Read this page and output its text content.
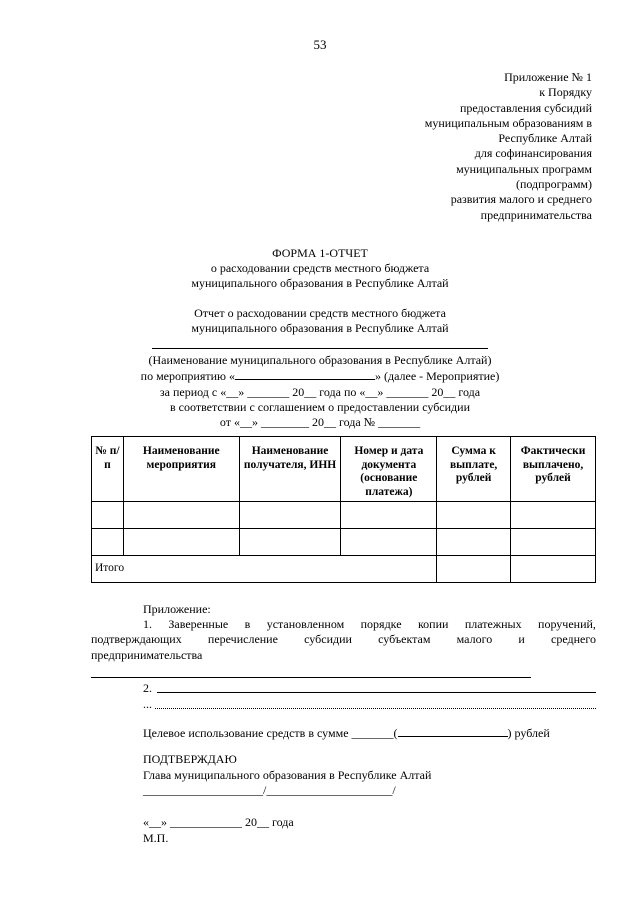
53
Приложение № 1
к Порядку
предоставления субсидий
муниципальным образованиям в
Республике Алтай
для софинансирования
муниципальных программ
(подпрограмм)
развития малого и среднего
предпринимательства
ФОРМА 1-ОТЧЕТ
о расходовании средств местного бюджета
муниципального образования в Республике Алтай
Отчет о расходовании средств местного бюджета
муниципального образования в Республике Алтай
(Наименование муниципального образования в Республике Алтай)
по мероприятию «	» (далее - Мероприятие)
за период с «__» _______ 20__ года по «__» _______ 20__ года
в соответствии с соглашением о предоставлении субсидии
от «__» ________ 20__ года № _______
№ п/п	Наименование мероприятия	Наименование получателя, ИНН	Номер и дата документа (основание платежа)	Сумма к выплате, рублей	Фактически выплачено, рублей

Итого					
Приложение:
1. Заверенные в установленном порядке копии платежных поручений,
подтверждающих перечисление субсидии субъектам малого и среднего
предпринимательства
2.
...
Целевое использование средств в сумме _______(	) рублей
ПОДТВЕРЖДАЮ
Глава муниципального образования в Республике Алтай
____________________/_____________________/
«__» ____________ 20__ года
М.П.
